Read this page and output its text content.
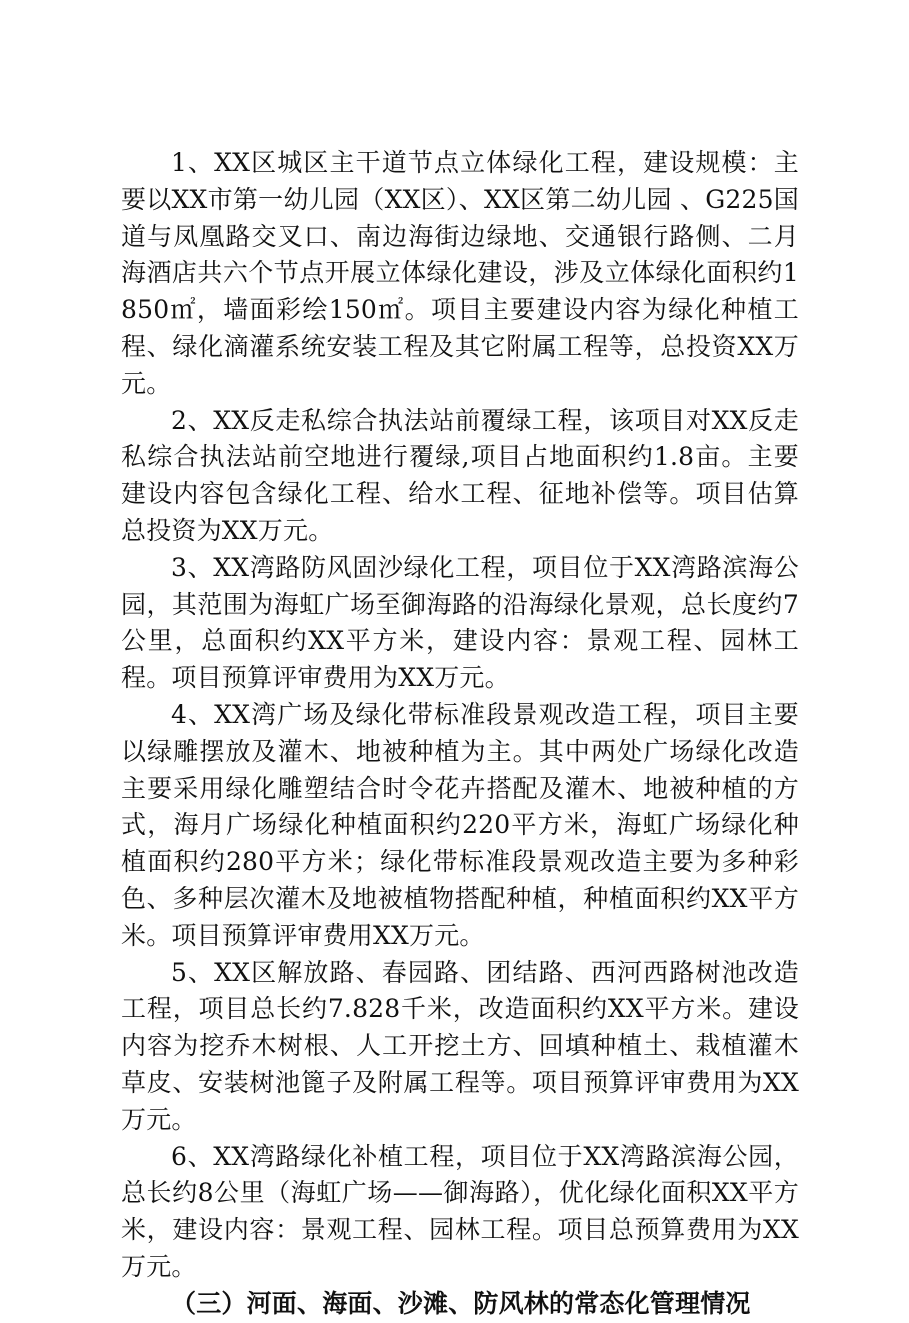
1、XX区城区主干道节点立体绿化工程，建设规模：主要以XX市第一幼儿园（XX区）、XX区第二幼儿园 、G225国道与凤凰路交叉口、南边海街边绿地、交通银行路侧、二月海酒店共六个节点开展立体绿化建设，涉及立体绿化面积约1850㎡，墙面彩绘150㎡。项目主要建设内容为绿化种植工程、绿化滴灌系统安装工程及其它附属工程等，总投资XX万元。

2、XX反走私综合执法站前覆绿工程，该项目对XX反走私综合执法站前空地进行覆绿,项目占地面积约1.8亩。主要建设内容包含绿化工程、给水工程、征地补偿等。项目估算总投资为XX万元。

3、XX湾路防风固沙绿化工程，项目位于XX湾路滨海公园，其范围为海虹广场至御海路的沿海绿化景观，总长度约7公里，总面积约XX平方米，建设内容：景观工程、园林工程。项目预算评审费用为XX万元。

4、XX湾广场及绿化带标准段景观改造工程，项目主要以绿雕摆放及灌木、地被种植为主。其中两处广场绿化改造主要采用绿化雕塑结合时令花卉搭配及灌木、地被种植的方式，海月广场绿化种植面积约220平方米，海虹广场绿化种植面积约280平方米；绿化带标准段景观改造主要为多种彩色、多种层次灌木及地被植物搭配种植，种植面积约XX平方米。项目预算评审费用XX万元。

5、XX区解放路、春园路、团结路、西河西路树池改造工程，项目总长约7.828千米，改造面积约XX平方米。建设内容为挖乔木树根、人工开挖土方、回填种植土、栽植灌木草皮、安装树池篦子及附属工程等。项目预算评审费用为XX万元。

6、XX湾路绿化补植工程，项目位于XX湾路滨海公园，总长约8公里（海虹广场——御海路），优化绿化面积XX平方米，建设内容：景观工程、园林工程。项目总预算费用为XX万元。

（三）河面、海面、沙滩、防风林的常态化管理情况
